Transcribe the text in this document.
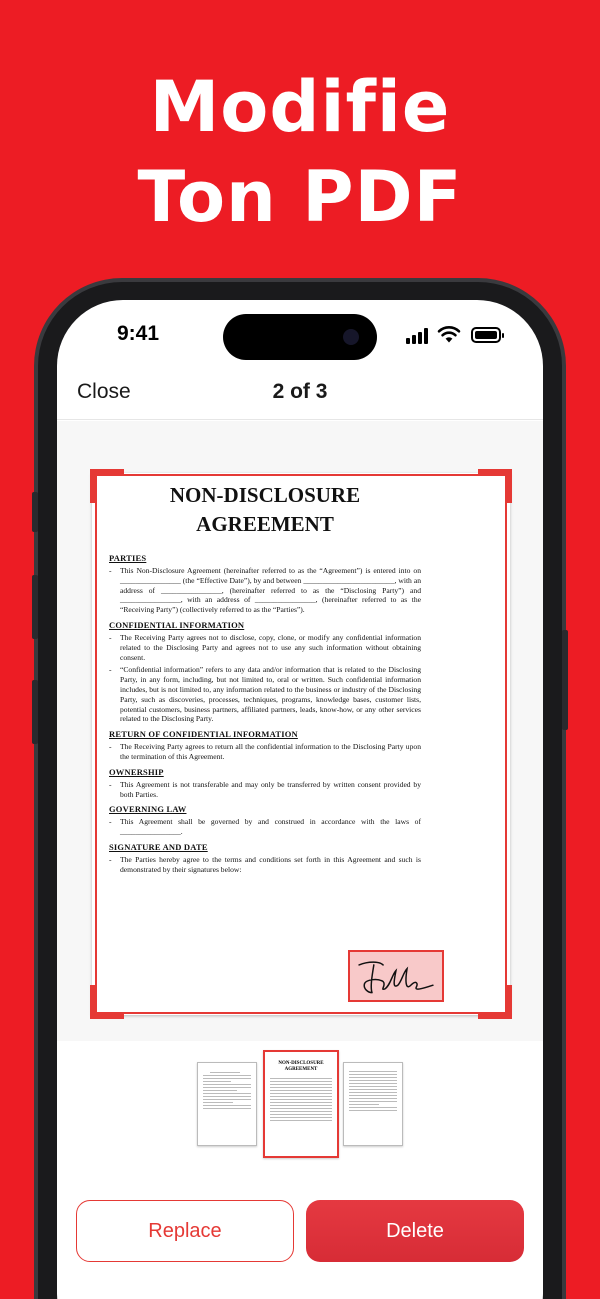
Modifie
Ton PDF
9:41
Close	2 of 3
NON-DISCLOSURE
AGREEMENT
PARTIES

- This Non-Disclosure Agreement (hereinafter referred to as the “Agreement”) is entered into on ________________ (the “Effective Date”), by and between ________________________, with an address of ________________, (hereinafter referred to as the “Disclosing Party”) and ________________, with an address of ________________, (hereinafter referred to as the “Receiving Party”) (collectively referred to as the “Parties”).

CONFIDENTIAL INFORMATION

- The Receiving Party agrees not to disclose, copy, clone, or modify any confidential information related to the Disclosing Party and agrees not to use any such information without obtaining consent.

- “Confidential information” refers to any data and/or information that is related to the Disclosing Party, in any form, including, but not limited to, oral or written. Such confidential information includes, but is not limited to, any information related to the business or industry of the Disclosing Party, such as discoveries, processes, techniques, programs, knowledge bases, customer lists, potential customers, business partners, affiliated partners, leads, know-how, or any other services related to the Disclosing Party.

RETURN OF CONFIDENTIAL INFORMATION

- The Receiving Party agrees to return all the confidential information to the Disclosing Party upon the termination of this Agreement.

OWNERSHIP

- This Agreement is not transferable and may only be transferred by written consent provided by both Parties.

GOVERNING LAW

- This Agreement shall be governed by and construed in accordance with the laws of ________________.

SIGNATURE AND DATE

- The Parties hereby agree to the terms and conditions set forth in this Agreement and such is demonstrated by their signatures below:

NON-DISCLOSURE
AGREEMENT
Replace	Delete
